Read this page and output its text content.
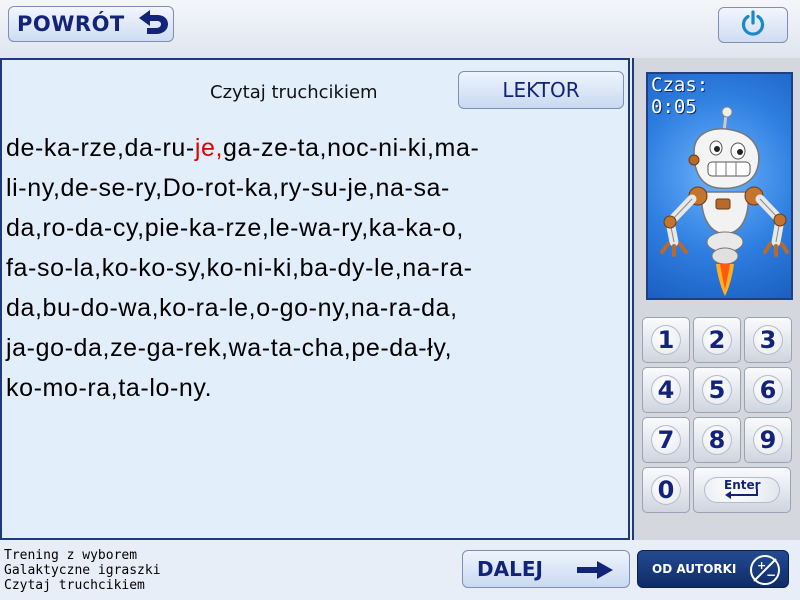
POWRÓT
Czytaj truchcikiem	LEKTOR
de-ka-rze,da-ru-je,ga-ze-ta,noc-ni-ki,ma-
li-ny,de-se-ry,Do-rot-ka,ry-su-je,na-sa-
da,ro-da-cy,pie-ka-rze,le-wa-ry,ka-ka-o,
fa-so-la,ko-ko-sy,ko-ni-ki,ba-dy-le,na-ra-
da,bu-do-wa,ko-ra-le,o-go-ny,na-ra-da,
ja-go-da,ze-ga-rek,wa-ta-cha,pe-da-ły,
ko-mo-ra,ta-lo-ny.
Czas:
0:05
1 2 3
4 5 6
7 8 9
0	Enter
Trening z wyborem
Galaktyczne igraszki
Czytaj truchcikiem
DALEJ	OD AUTORKI +
−
